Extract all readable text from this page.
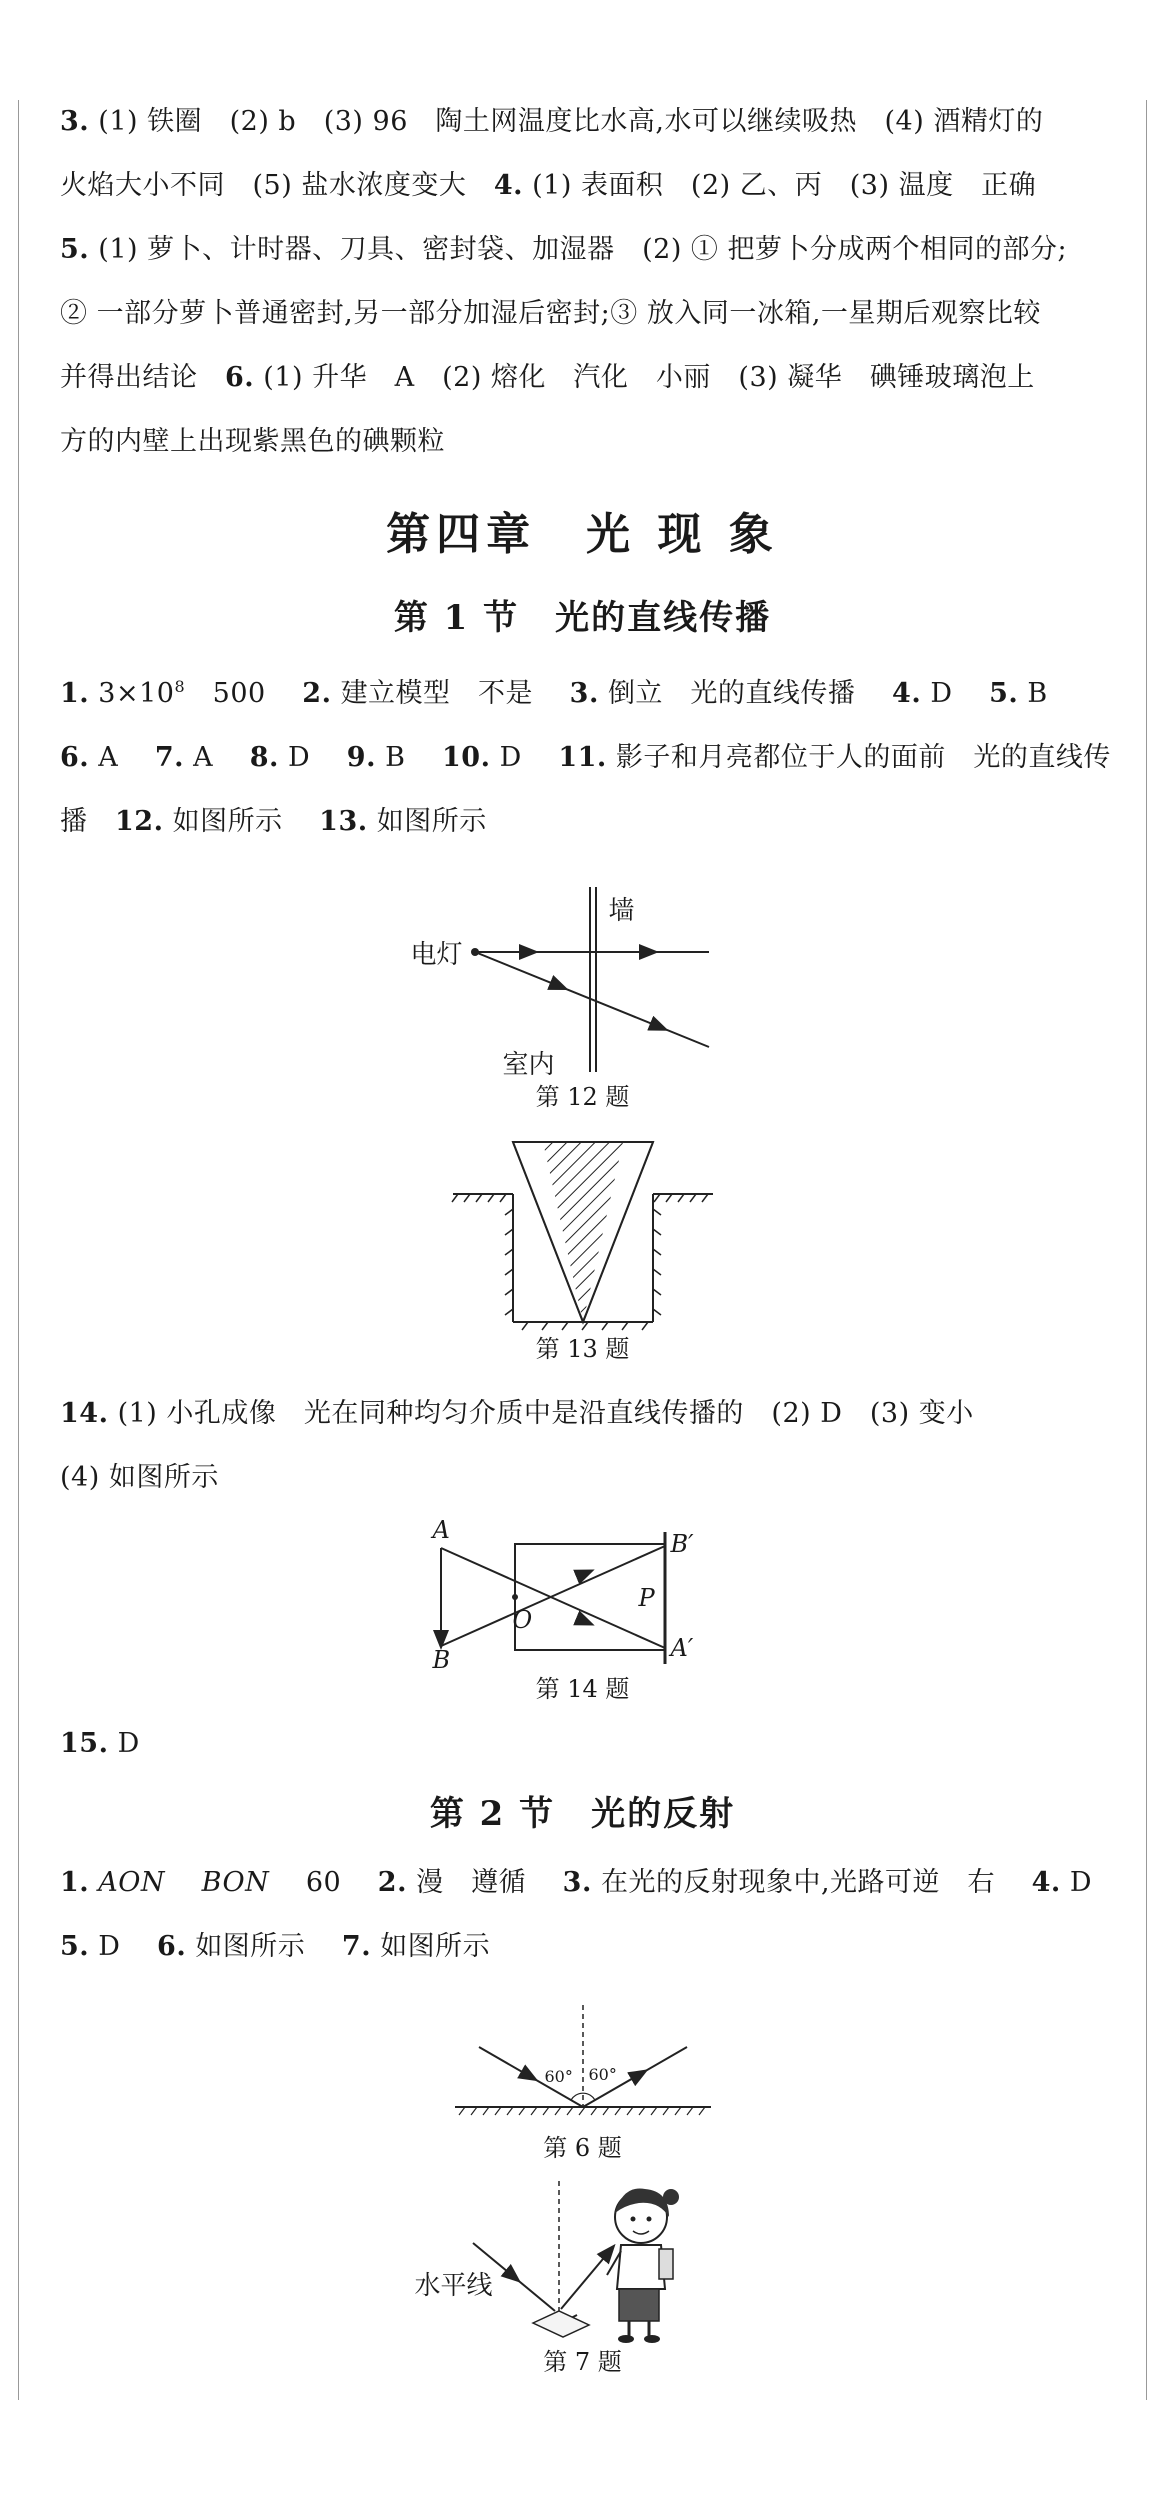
3. (1) 铁圈　(2) b　(3) 96　陶土网温度比水高,水可以继续吸热　(4) 酒精灯的

火焰大小不同　(5) 盐水浓度变大　4. (1) 表面积　(2) 乙、丙　(3) 温度　正确

5. (1) 萝卜、计时器、刀具、密封袋、加湿器　(2) ① 把萝卜分成两个相同的部分;

② 一部分萝卜普通密封,另一部分加湿后密封;③ 放入同一冰箱,一星期后观察比较

并得出结论　6. (1) 升华　A　(2) 熔化　汽化　小丽　(3) 凝华　碘锤玻璃泡上

方的内壁上出现紫黑色的碘颗粒

第四章　光 现 象
第 1 节　光的直线传播

1. $3\times 10^8$　500　 2. 建立模型　不是　 3. 倒立　光的直线传播　 4. D　 5. B

6. A　 7. A　 8. D　 9. B　 10. D　 11. 影子和月亮都位于人的面前　光的直线传

播　12. 如图所示　 13. 如图所示

墙
电灯
室内
第 12 题
第 13 题

14. (1) 小孔成像　光在同种均匀介质中是沿直线传播的　(2) D　(3) 变小

(4) 如图所示

A
B
O
P
B′
A′
第 14 题

15. D

第 2 节　光的反射

1. AON　 BON　 60　 2. 漫　遵循　 3. 在光的反射现象中,光路可逆　右　 4. D

5. D　 6. 如图所示　 7. 如图所示

60° 60°
第 6 题
水平线
第 7 题
